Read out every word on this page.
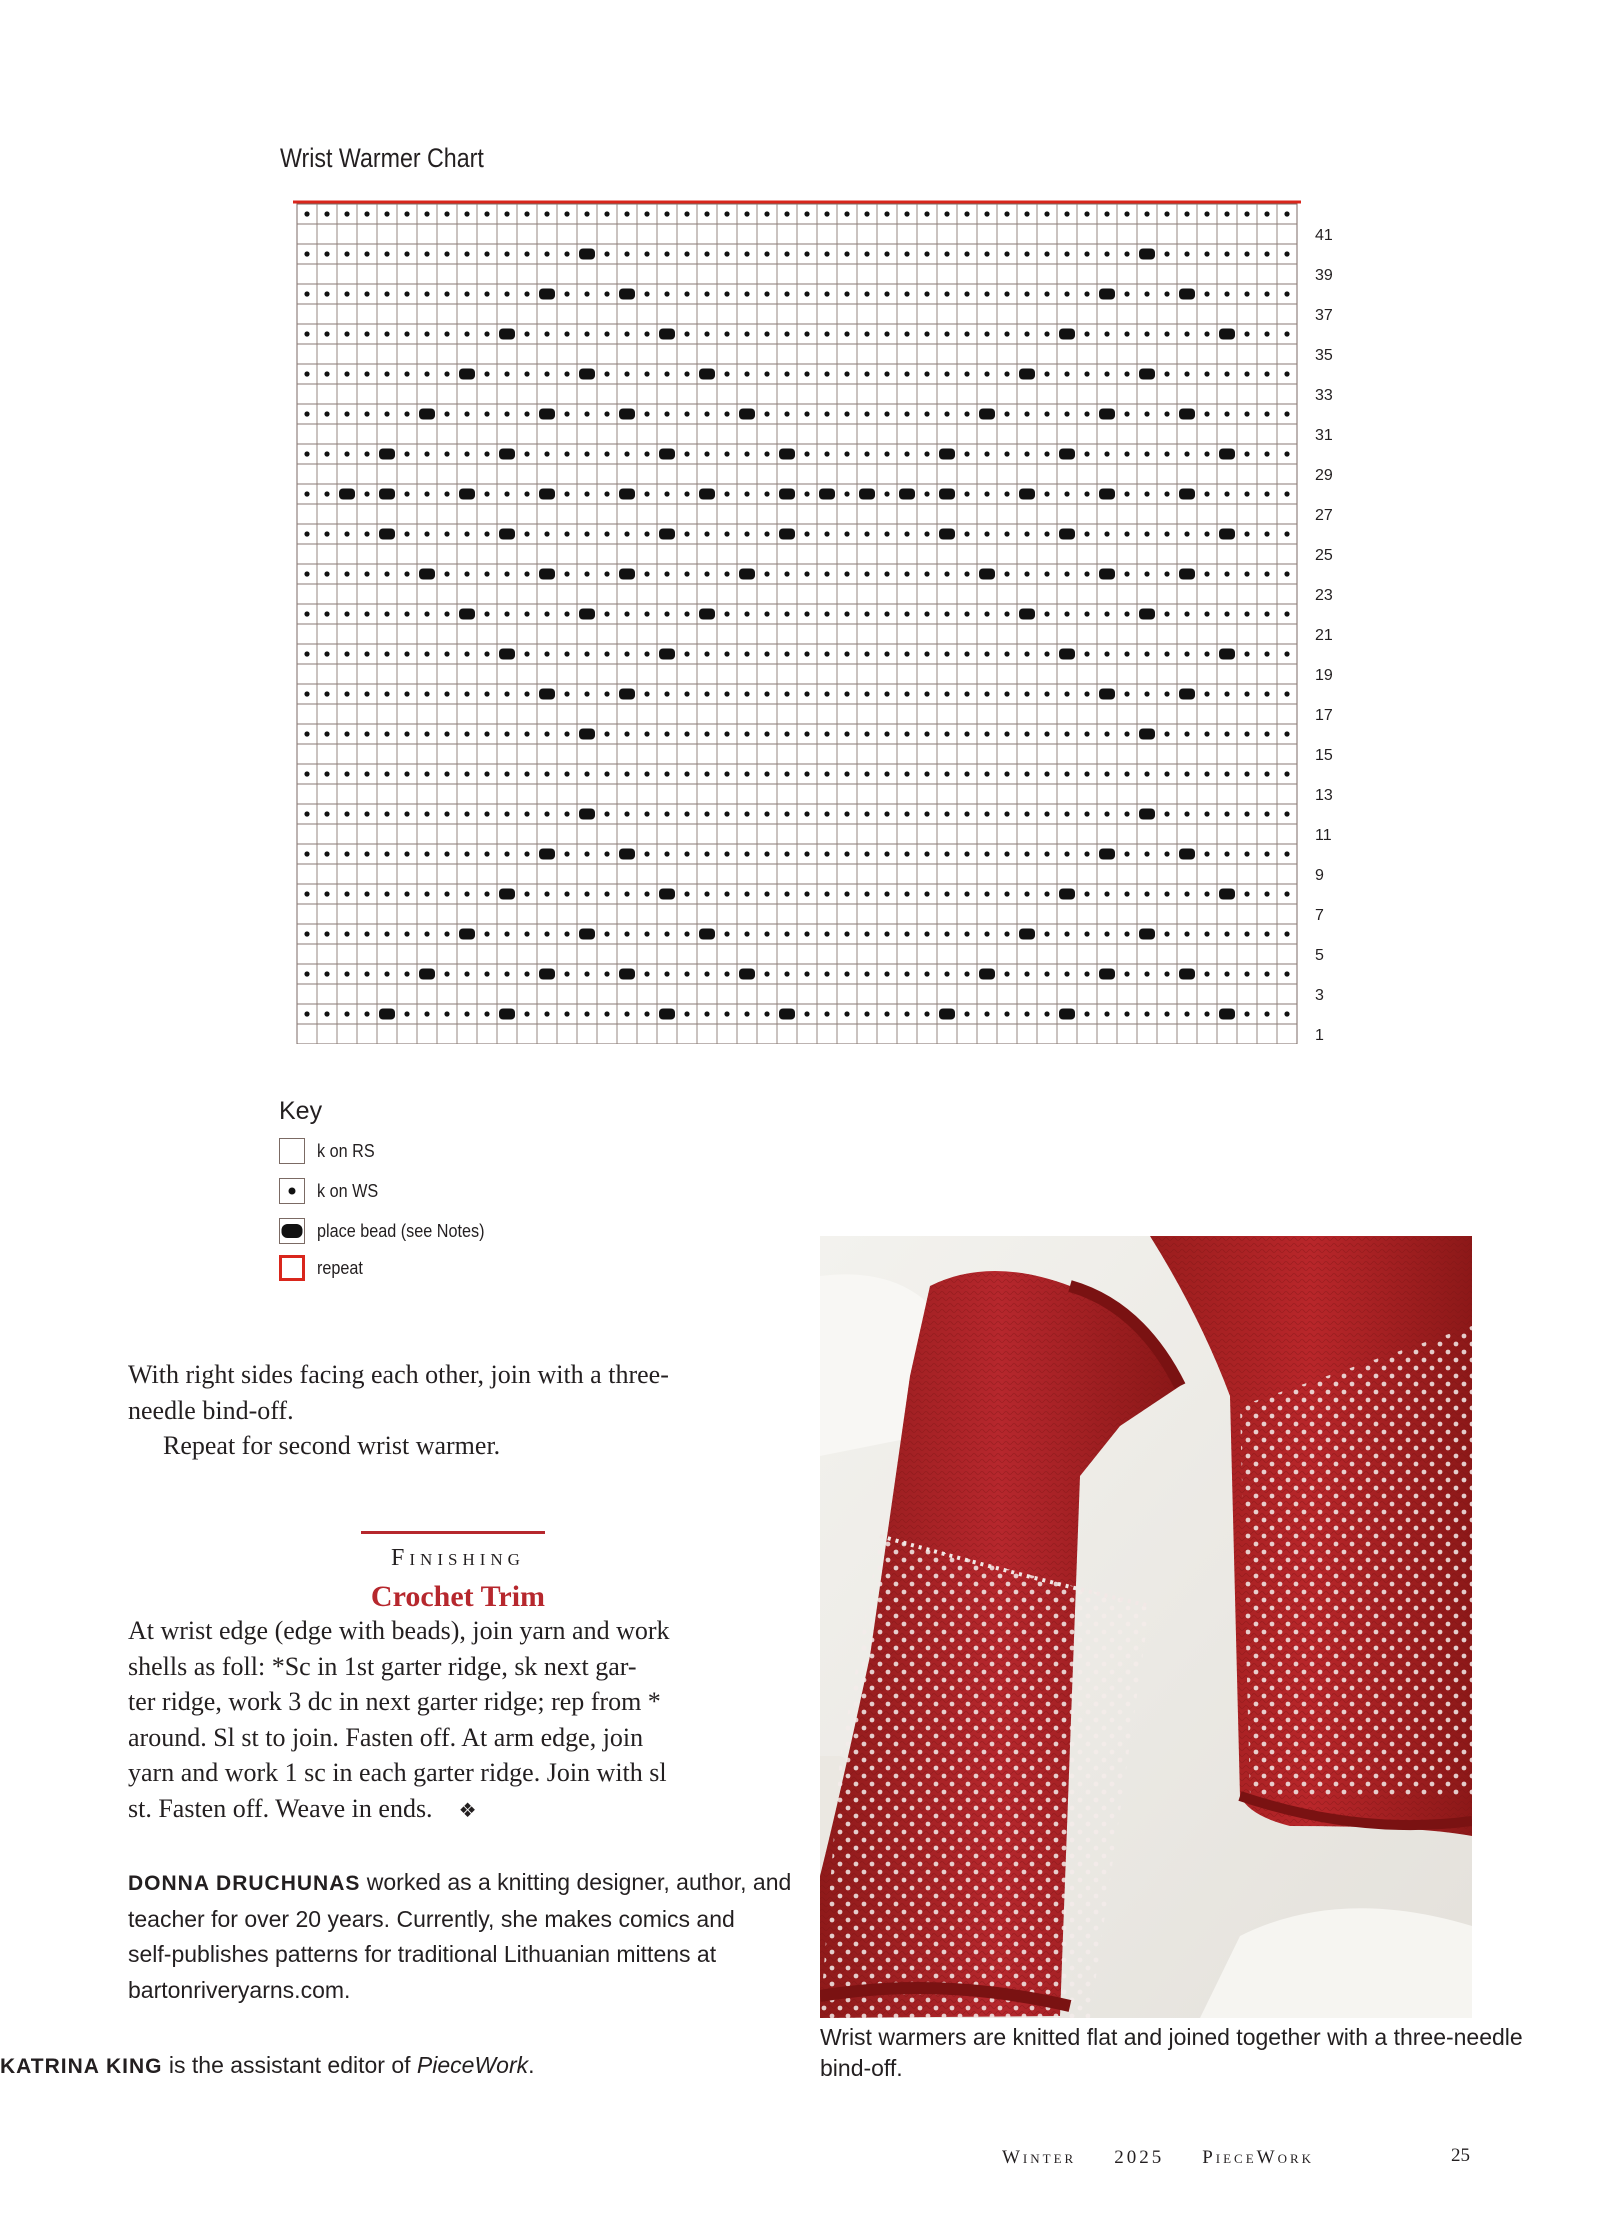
Wrist Warmer Chart
41
39
37
35
33
31
29
27
25
23
21
19
17
15
13
11
9
7
5
3
1
Key
k on RS
k on WS
place bead (see Notes)
repeat

With right sides facing each other, join with a three-

needle bind-off.

Repeat for second wrist warmer.

Finishing
Crochet Trim
At wrist edge (edge with beads), join yarn and work
shells as foll: *Sc in 1st garter ridge, sk next gar-
ter ridge, work 3 dc in next garter ridge; rep from *
around. Sl st to join. Fasten off. At arm edge, join
yarn and work 1 sc in each garter ridge. Join with sl
st. Fasten off. Weave in ends. ❖
DONNA DRUCHUNAS worked as a knitting designer, author, and
teacher for over 20 years. Currently, she makes comics and
self-publishes patterns for traditional Lithuanian mittens at
bartonriveryarns.com.
KATRINA KING is the assistant editor of PieceWork.
Wrist warmers are knitted flat and joined together with a three-needle
bind-off.
Winter 2025 PieceWork	25
